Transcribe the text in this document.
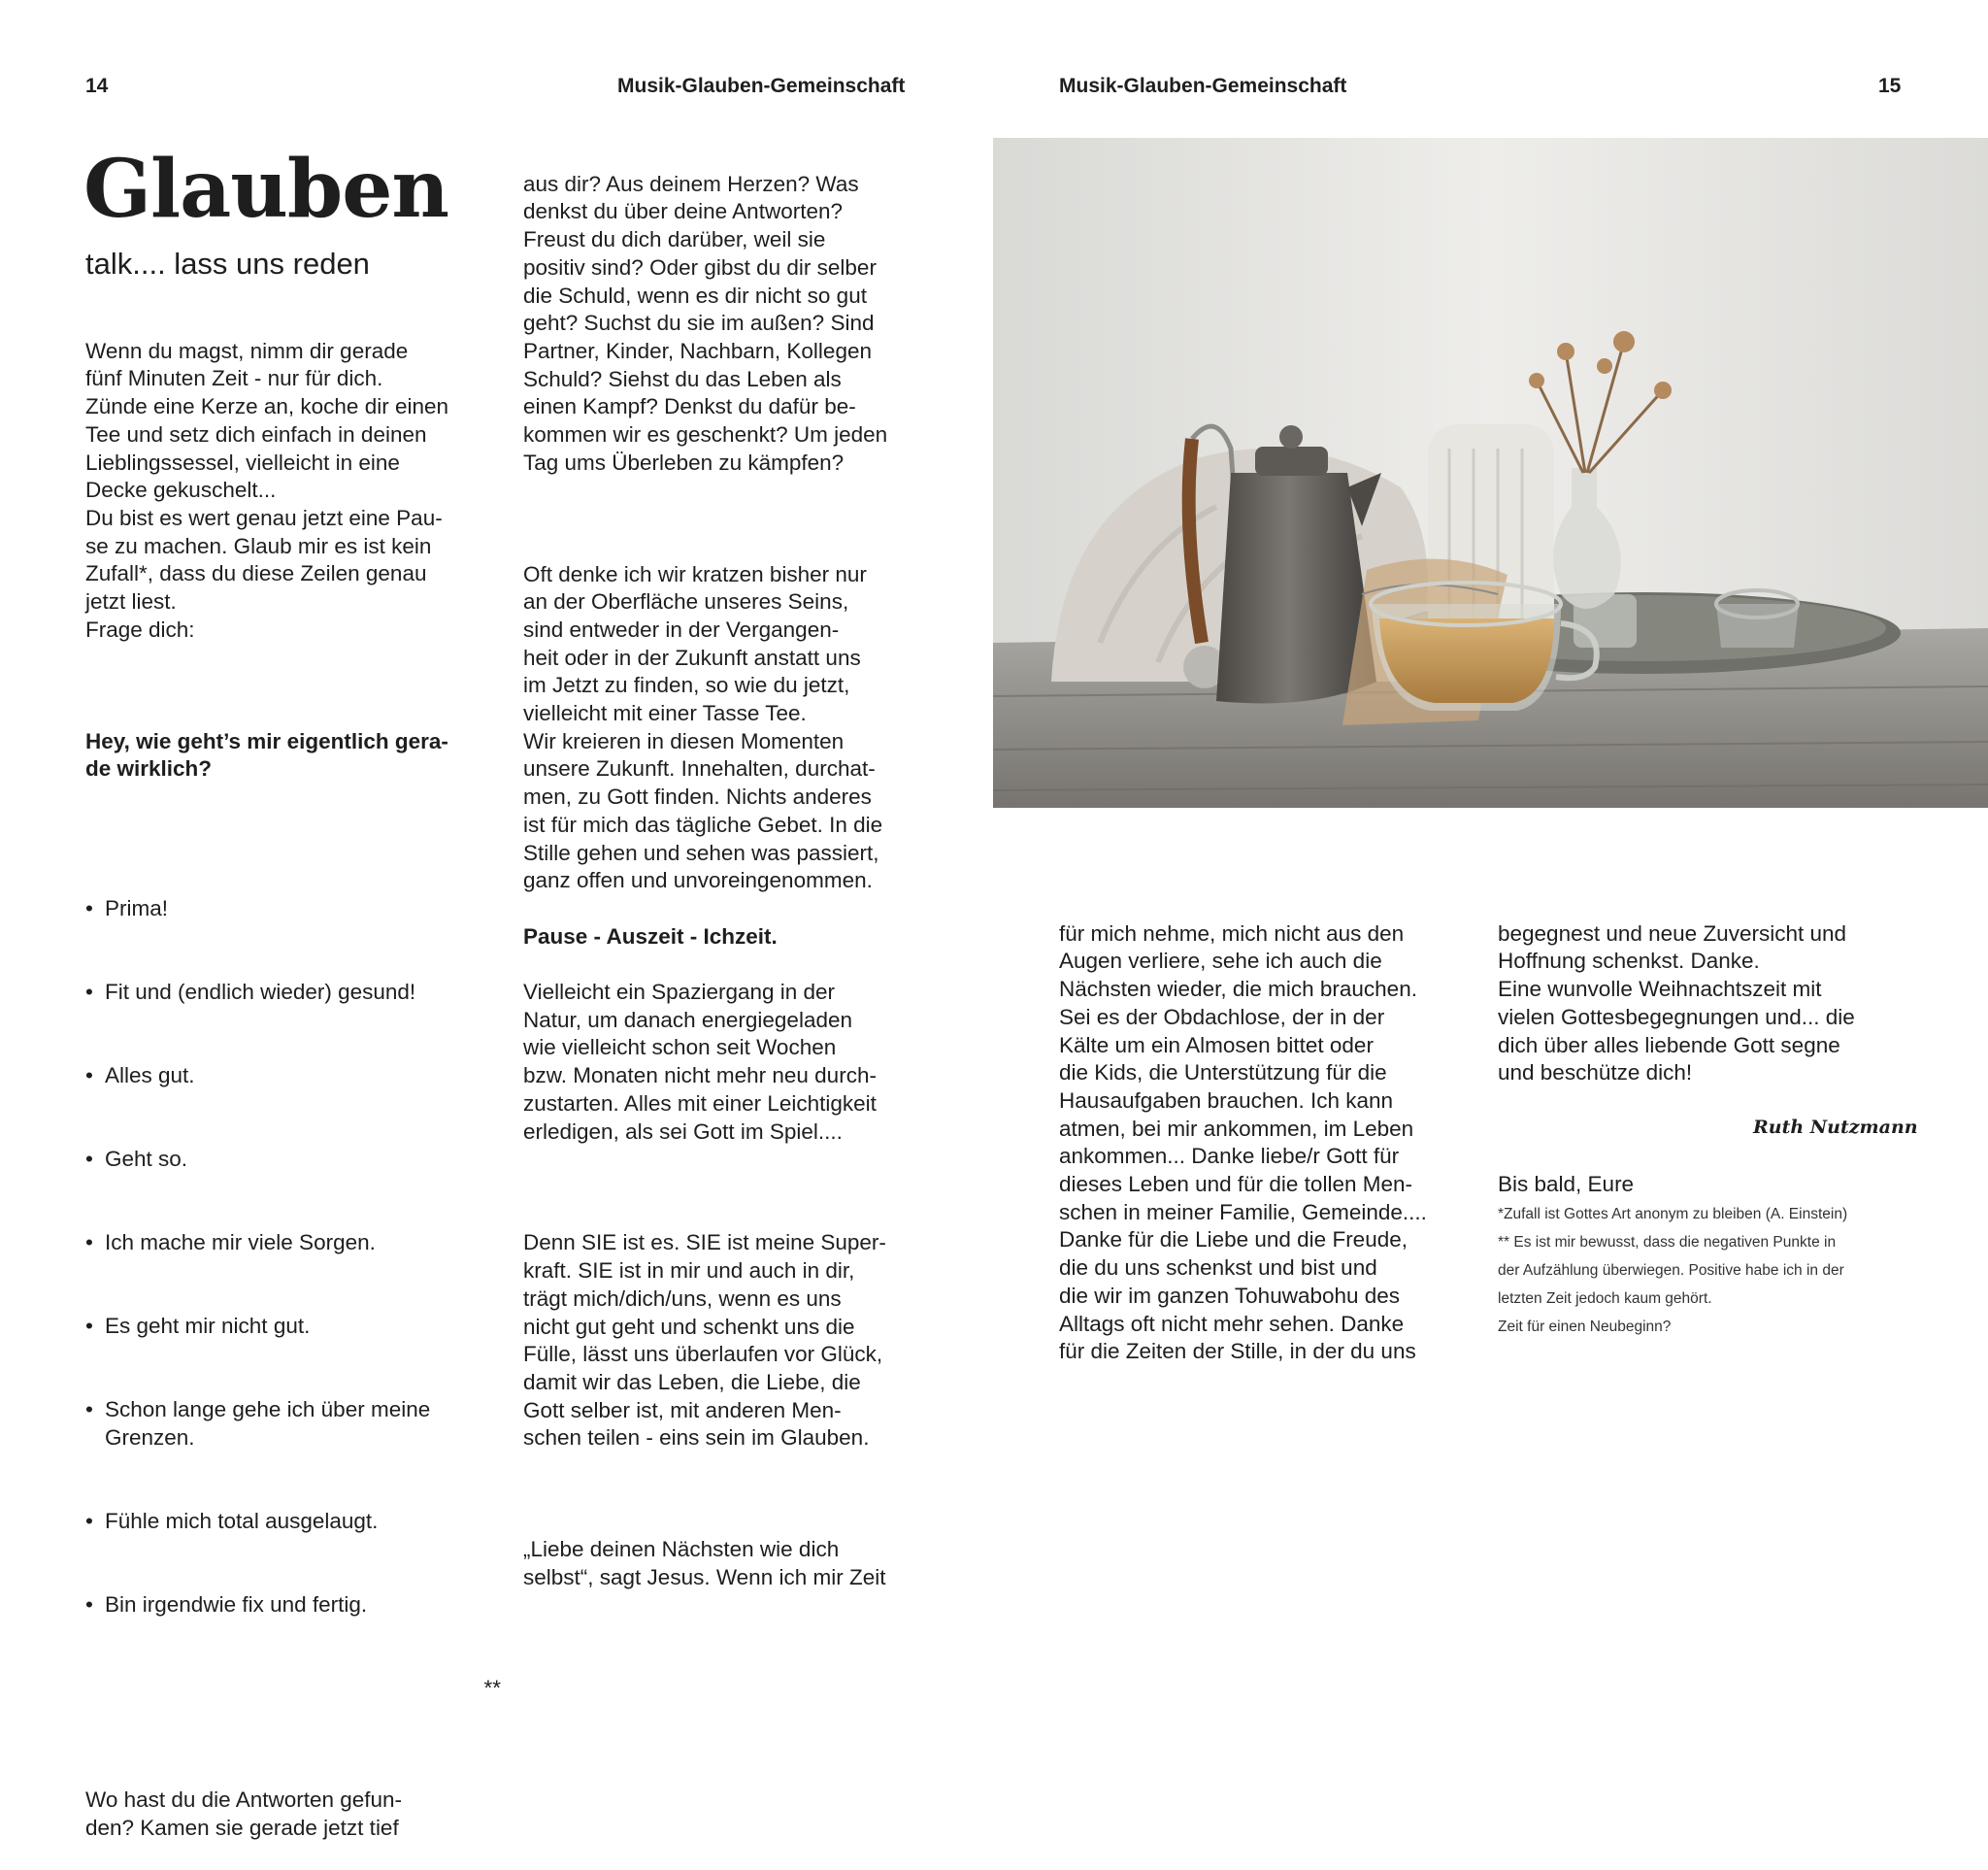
14	Musik-Glauben-Gemeinschaft	Musik-Glauben-Gemeinschaft	15
Glauben
talk.... lass uns reden

Wenn du magst, nimm dir gerade
fünf Minuten Zeit - nur für dich.
Zünde eine Kerze an, koche dir einen
Tee und setz dich einfach in deinen
Lieblingssessel, vielleicht in eine
Decke gekuschelt...
Du bist es wert genau jetzt eine Pau-
se zu machen. Glaub mir es ist kein
Zufall*, dass du diese Zeilen genau
jetzt liest.
Frage dich:

Hey, wie geht’s mir eigentlich gera-
de wirklich?

• Prima!

• Fit und (endlich wieder) gesund!

• Alles gut.

• Geht so.

• Ich mache mir viele Sorgen.

• Es geht mir nicht gut.

• Schon lange gehe ich über meine
Grenzen.

• Fühle mich total ausgelaugt.

• Bin irgendwie fix und fertig.

**

Wo hast du die Antworten gefun-
den? Kamen sie gerade jetzt tief

aus dir? Aus deinem Herzen? Was
denkst du über deine Antworten?
Freust du dich darüber, weil sie
positiv sind? Oder gibst du dir selber
die Schuld, wenn es dir nicht so gut
geht? Suchst du sie im außen? Sind
Partner, Kinder, Nachbarn, Kollegen
Schuld? Siehst du das Leben als
einen Kampf? Denkst du dafür be-
kommen wir es geschenkt? Um jeden
Tag ums Überleben zu kämpfen?

Oft denke ich wir kratzen bisher nur
an der Oberfläche unseres Seins,
sind entweder in der Vergangen-
heit oder in der Zukunft anstatt uns
im Jetzt zu finden, so wie du jetzt,
vielleicht mit einer Tasse Tee.
Wir kreieren in diesen Momenten
unsere Zukunft. Innehalten, durchat-
men, zu Gott finden. Nichts anderes
ist für mich das tägliche Gebet. In die
Stille gehen und sehen was passiert,
ganz offen und unvoreingenommen.

Pause - Auszeit - Ichzeit.

Vielleicht ein Spaziergang in der
Natur, um danach energiegeladen
wie vielleicht schon seit Wochen
bzw. Monaten nicht mehr neu durch-
zustarten. Alles mit einer Leichtigkeit
erledigen, als sei Gott im Spiel....

Denn SIE ist es. SIE ist meine Super-
kraft. SIE ist in mir und auch in dir,
trägt mich/dich/uns, wenn es uns
nicht gut geht und schenkt uns die
Fülle, lässt uns überlaufen vor Glück,
damit wir das Leben, die Liebe, die
Gott selber ist, mit anderen Men-
schen teilen - eins sein im Glauben.

„Liebe deinen Nächsten wie dich
selbst“, sagt Jesus. Wenn ich mir Zeit

für mich nehme, mich nicht aus den
Augen verliere, sehe ich auch die
Nächsten wieder, die mich brauchen.
Sei es der Obdachlose, der in der
Kälte um ein Almosen bittet oder
die Kids, die Unterstützung für die
Hausaufgaben brauchen. Ich kann
atmen, bei mir ankommen, im Leben
ankommen... Danke liebe/r Gott für
dieses Leben und für die tollen Men-
schen in meiner Familie, Gemeinde....
Danke für die Liebe und die Freude,
die du uns schenkst und bist und
die wir im ganzen Tohuwabohu des
Alltags oft nicht mehr sehen. Danke
für die Zeiten der Stille, in der du uns

begegnest und neue Zuversicht und
Hoffnung schenkst. Danke.
Eine wunvolle Weihnachtszeit mit
vielen Gottesbegegnungen und... die
dich über alles liebende Gott segne
und beschütze dich!

Bis bald, Eure

Ruth Nutzmann
*Zufall ist Gottes Art anonym zu bleiben (A. Einstein)
** Es ist mir bewusst, dass die negativen Punkte in
der Aufzählung überwiegen. Positive habe ich in der
letzten Zeit jedoch kaum gehört.
Zeit für einen Neubeginn?
